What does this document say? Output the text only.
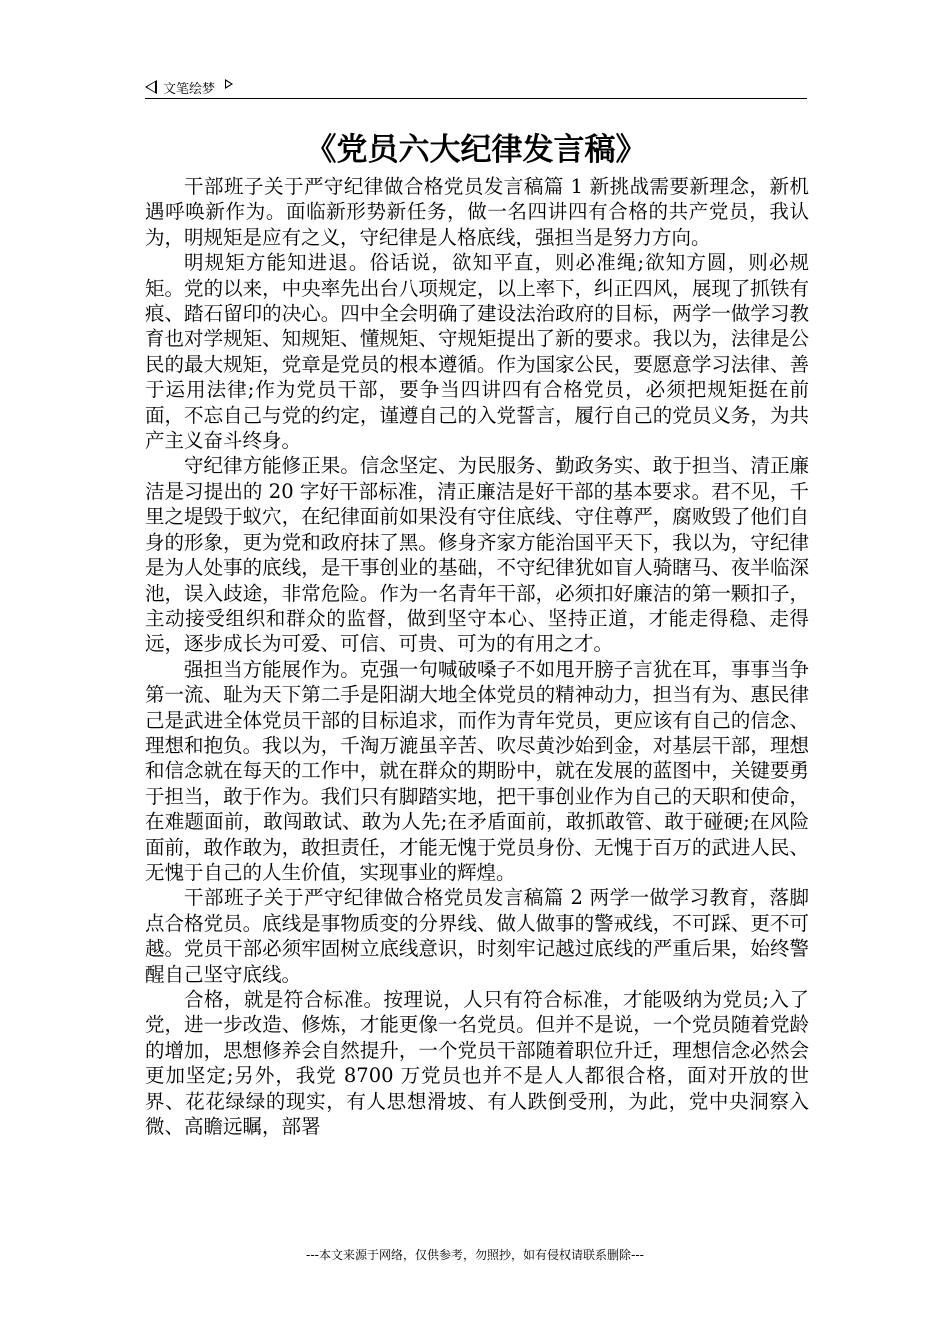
文笔绘梦
《党员六大纪律发言稿》

干部班子关于严守纪律做合格党员发言稿篇 1 新挑战需要新理念，新机遇呼唤新作为。面临新形势新任务，做一名四讲四有合格的共产党员，我认为，明规矩是应有之义，守纪律是人格底线，强担当是努力方向。

明规矩方能知进退。俗话说，欲知平直，则必准绳;欲知方圆，则必规矩。党的以来，中央率先出台八项规定，以上率下，纠正四风，展现了抓铁有痕、踏石留印的决心。四中全会明确了建设法治政府的目标，两学一做学习教育也对学规矩、知规矩、懂规矩、守规矩提出了新的要求。我以为，法律是公民的最大规矩，党章是党员的根本遵循。作为国家公民，要愿意学习法律、善于运用法律;作为党员干部，要争当四讲四有合格党员，必须把规矩挺在前面，不忘自己与党的约定，谨遵自己的入党誓言，履行自己的党员义务，为共产主义奋斗终身。

守纪律方能修正果。信念坚定、为民服务、勤政务实、敢于担当、清正廉洁是习提出的 20 字好干部标准，清正廉洁是好干部的基本要求。君不见，千里之堤毁于蚁穴，在纪律面前如果没有守住底线、守住尊严，腐败毁了他们自身的形象，更为党和政府抹了黑。修身齐家方能治国平天下，我以为，守纪律是为人处事的底线，是干事创业的基础，不守纪律犹如盲人骑瞎马、夜半临深池，误入歧途，非常危险。作为一名青年干部，必须扣好廉洁的第一颗扣子，主动接受组织和群众的监督，做到坚守本心、坚持正道，才能走得稳、走得远，逐步成长为可爱、可信、可贵、可为的有用之才。

强担当方能展作为。克强一句喊破嗓子不如甩开膀子言犹在耳，事事当争第一流、耻为天下第二手是阳湖大地全体党员的精神动力，担当有为、惠民律己是武进全体党员干部的目标追求，而作为青年党员，更应该有自己的信念、理想和抱负。我以为，千淘万漉虽辛苦、吹尽黄沙始到金，对基层干部，理想和信念就在每天的工作中，就在群众的期盼中，就在发展的蓝图中，关键要勇于担当，敢于作为。我们只有脚踏实地，把干事创业作为自己的天职和使命，在难题面前，敢闯敢试、敢为人先;在矛盾面前，敢抓敢管、敢于碰硬;在风险面前，敢作敢为，敢担责任，才能无愧于党员身份、无愧于百万的武进人民、无愧于自己的人生价值，实现事业的辉煌。

干部班子关于严守纪律做合格党员发言稿篇 2 两学一做学习教育，落脚点合格党员。底线是事物质变的分界线、做人做事的警戒线，不可踩、更不可越。党员干部必须牢固树立底线意识，时刻牢记越过底线的严重后果，始终警醒自己坚守底线。

合格，就是符合标准。按理说，人只有符合标准，才能吸纳为党员;入了党，进一步改造、修炼，才能更像一名党员。但并不是说，一个党员随着党龄的增加，思想修养会自然提升，一个党员干部随着职位升迁，理想信念必然会更加坚定;另外，我党 8700 万党员也并不是人人都很合格，面对开放的世界、花花绿绿的现实，有人思想滑坡、有人跌倒受刑，为此，党中央洞察入微、高瞻远瞩，部署

---本文来源于网络，仅供参考，勿照抄，如有侵权请联系删除---
